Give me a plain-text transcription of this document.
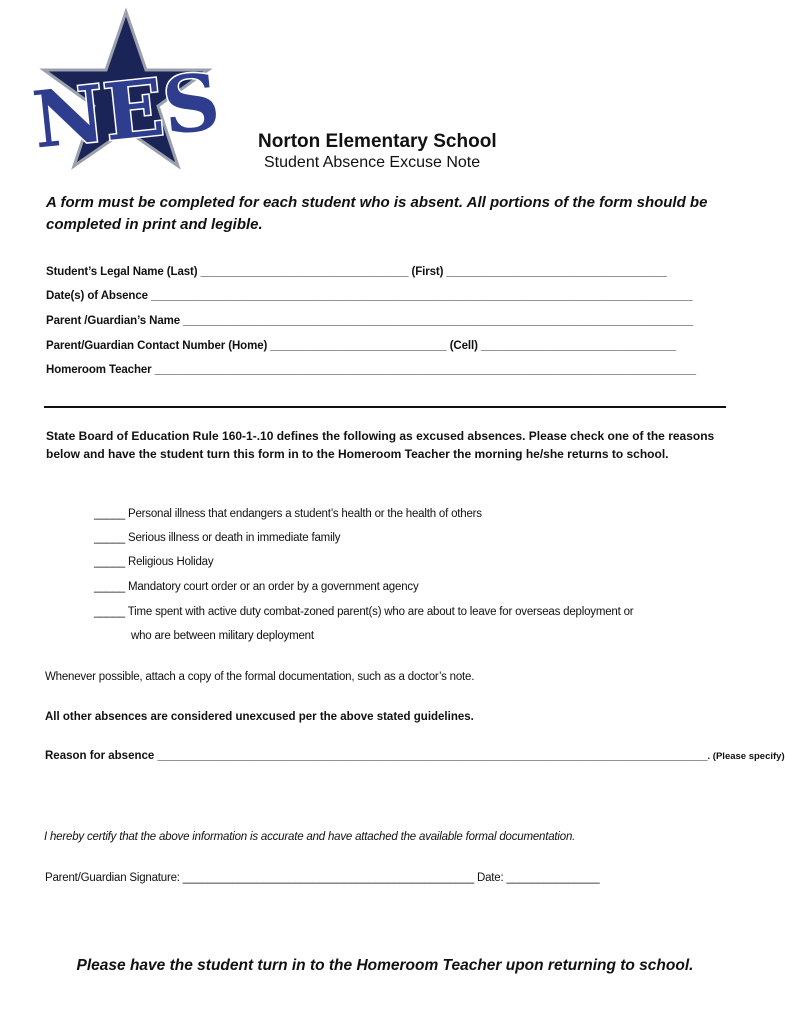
NES Norton Elementary School
Student Absence Excuse Note
A form must be completed for each student who is absent. All portions of the form should be completed in print and legible.
Student’s Legal Name (Last) _________________________________ (First) ___________________________________
Date(s) of Absence ______________________________________________________________________________________
Parent /Guardian’s Name _________________________________________________________________________________
Parent/Guardian Contact Number (Home) ____________________________ (Cell) _______________________________
Homeroom Teacher ______________________________________________________________________________________
State Board of Education Rule 160-1-.10 defines the following as excused absences. Please check one of the reasons below and have the student turn this form in to the Homeroom Teacher the morning he/she returns to school.
_____ Personal illness that endangers a student’s health or the health of others
_____ Serious illness or death in immediate family
_____ Religious Holiday
_____ Mandatory court order or an order by a government agency
_____ Time spent with active duty combat-zoned parent(s) who are about to leave for overseas deployment or
who are between military deployment
Whenever possible, attach a copy of the formal documentation, such as a doctor’s note.
All other absences are considered unexcused per the above stated guidelines.
Reason for absence ______________________________________________________________________________________. (Please specify)
I hereby certify that the above information is accurate and have attached the available formal documentation.
Parent/Guardian Signature: _______________________________________________ Date: _______________
Please have the student turn in to the Homeroom Teacher upon returning to school.
